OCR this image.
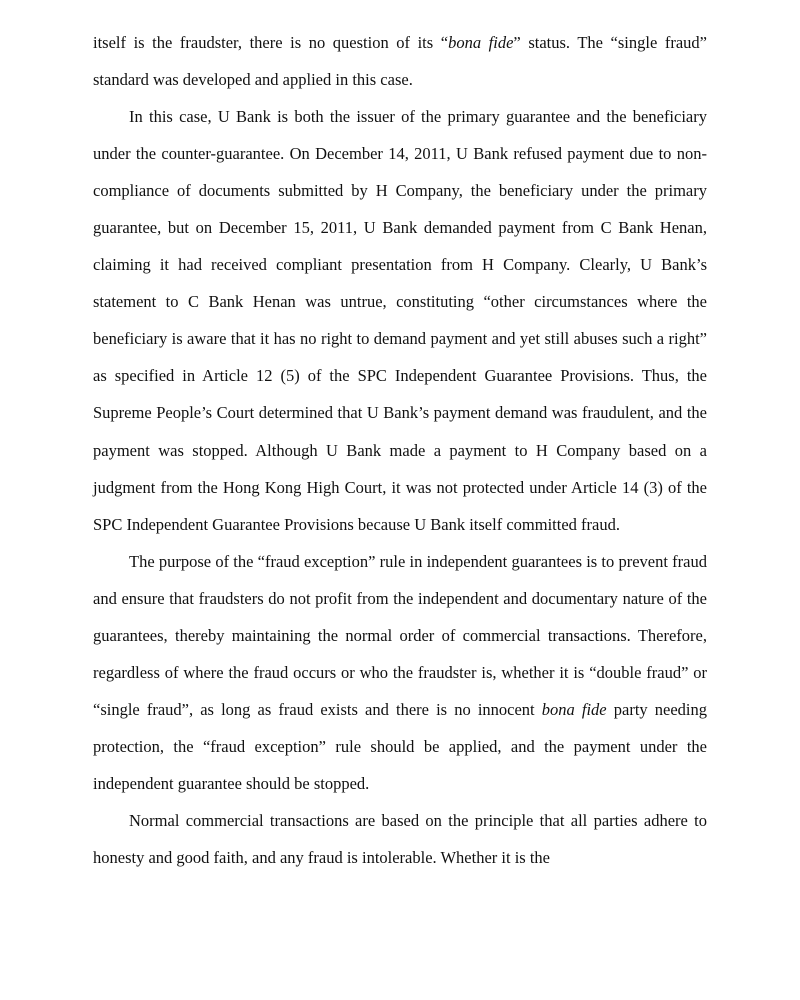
itself is the fraudster, there is no question of its “bona fide” status. The “single fraud” standard was developed and applied in this case.

In this case, U Bank is both the issuer of the primary guarantee and the beneficiary under the counter-guarantee. On December 14, 2011, U Bank refused payment due to non-compliance of documents submitted by H Company, the beneficiary under the primary guarantee, but on December 15, 2011, U Bank demanded payment from C Bank Henan, claiming it had received compliant presentation from H Company. Clearly, U Bank’s statement to C Bank Henan was untrue, constituting “other circumstances where the beneficiary is aware that it has no right to demand payment and yet still abuses such a right” as specified in Article 12 (5) of the SPC Independent Guarantee Provisions. Thus, the Supreme People’s Court determined that U Bank’s payment demand was fraudulent, and the payment was stopped. Although U Bank made a payment to H Company based on a judgment from the Hong Kong High Court, it was not protected under Article 14 (3) of the SPC Independent Guarantee Provisions because U Bank itself committed fraud.

The purpose of the “fraud exception” rule in independent guarantees is to prevent fraud and ensure that fraudsters do not profit from the independent and documentary nature of the guarantees, thereby maintaining the normal order of commercial transactions. Therefore, regardless of where the fraud occurs or who the fraudster is, whether it is “double fraud” or “single fraud”, as long as fraud exists and there is no innocent bona fide party needing protection, the “fraud exception” rule should be applied, and the payment under the independent guarantee should be stopped.

Normal commercial transactions are based on the principle that all parties adhere to honesty and good faith, and any fraud is intolerable. Whether it is the
